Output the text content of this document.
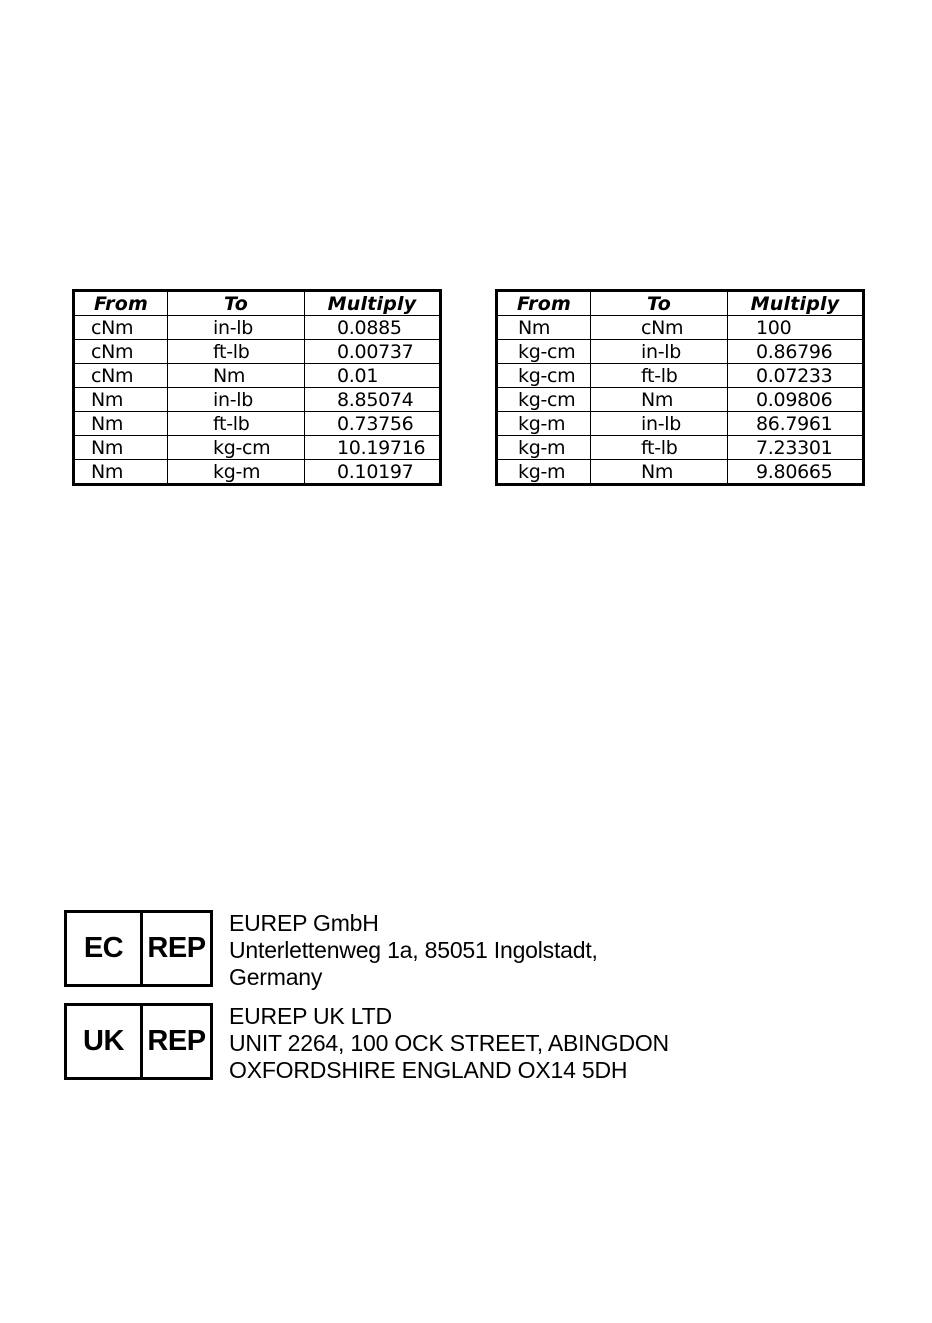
From	To	Multiply
cNm	in-lb	0.0885
cNm	ft-lb	0.00737
cNm	Nm	0.01
Nm	in-lb	8.85074
Nm	ft-lb	0.73756
Nm	kg-cm	10.19716
Nm	kg-m	0.10197
From	To	Multiply
Nm	cNm	100
kg-cm	in-lb	0.86796
kg-cm	ft-lb	0.07233
kg-cm	Nm	0.09806
kg-m	in-lb	86.7961
kg-m	ft-lb	7.23301
kg-m	Nm	9.80665
EC REP
EUREP GmbH
Unterlettenweg 1a, 85051 Ingolstadt,
Germany
UK REP
EUREP UK LTD
UNIT 2264, 100 OCK STREET, ABINGDON
OXFORDSHIRE ENGLAND OX14 5DH
